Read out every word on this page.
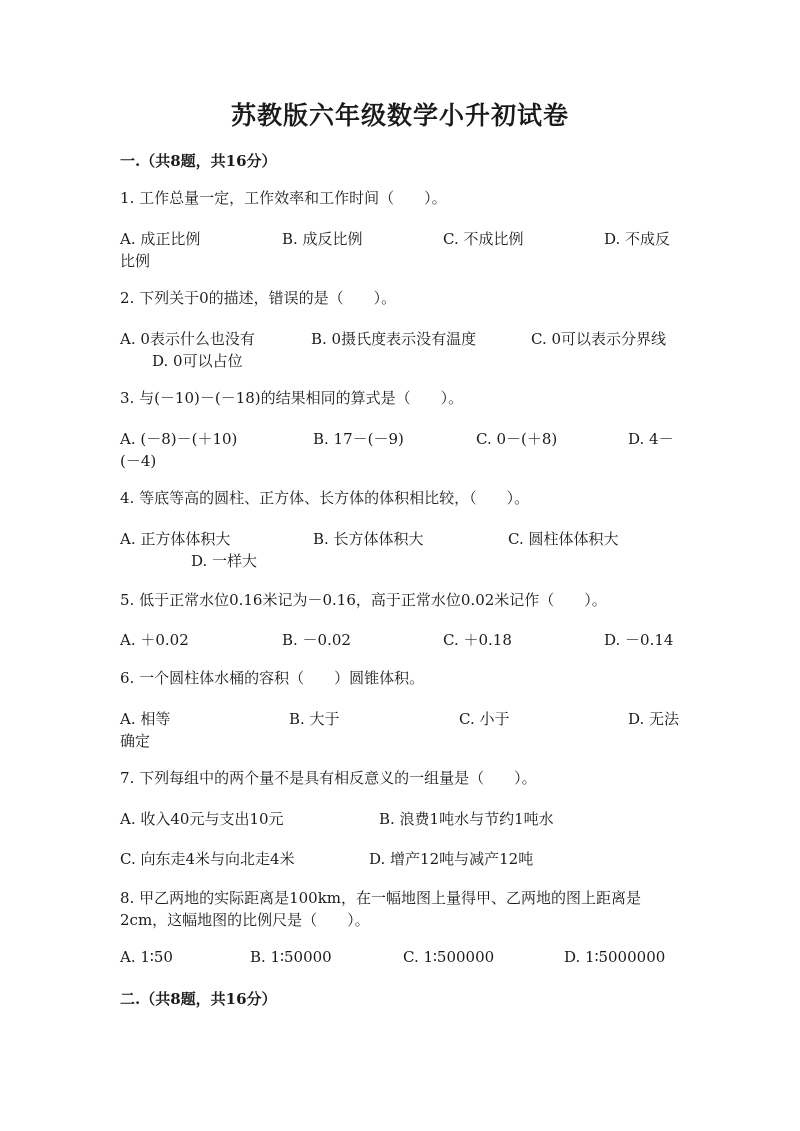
苏教版六年级数学小升初试卷
一.（共8题，共16分）
1. 工作总量一定，工作效率和工作时间（　　）。
A. 成正比例	B. 成反比例	C. 不成比例	D. 不成反
比例
2. 下列关于0的描述，错误的是（　　）。
A. 0表示什么也没有	B. 0摄氏度表示没有温度	C. 0可以表示分界线
D. 0可以占位
3. 与(－10)－(－18)的结果相同的算式是（　　）。
A. (－8)－(＋10)	B. 17－(－9)	C. 0－(＋8)	D. 4－
(－4)
4. 等底等高的圆柱、正方体、长方体的体积相比较，（　　）。
A. 正方体体积大	B. 长方体体积大	C. 圆柱体体积大
D. 一样大
5. 低于正常水位0.16米记为－0.16，高于正常水位0.02米记作（　　）。
A. ＋0.02	B. －0.02	C. ＋0.18	D. －0.14
6. 一个圆柱体水桶的容积（　　）圆锥体积。
A. 相等	B. 大于	C. 小于	D. 无法
确定
7. 下列每组中的两个量不是具有相反意义的一组量是（　　）。
A. 收入40元与支出10元	B. 浪费1吨水与节约1吨水
C. 向东走4米与向北走4米	D. 增产12吨与减产12吨
8. 甲乙两地的实际距离是100km，在一幅地图上量得甲、乙两地的图上距离是2cm，这幅地图的比例尺是（　　）。
A. 1∶50	B. 1∶50000	C. 1∶500000	D. 1∶5000000
二.（共8题，共16分）
